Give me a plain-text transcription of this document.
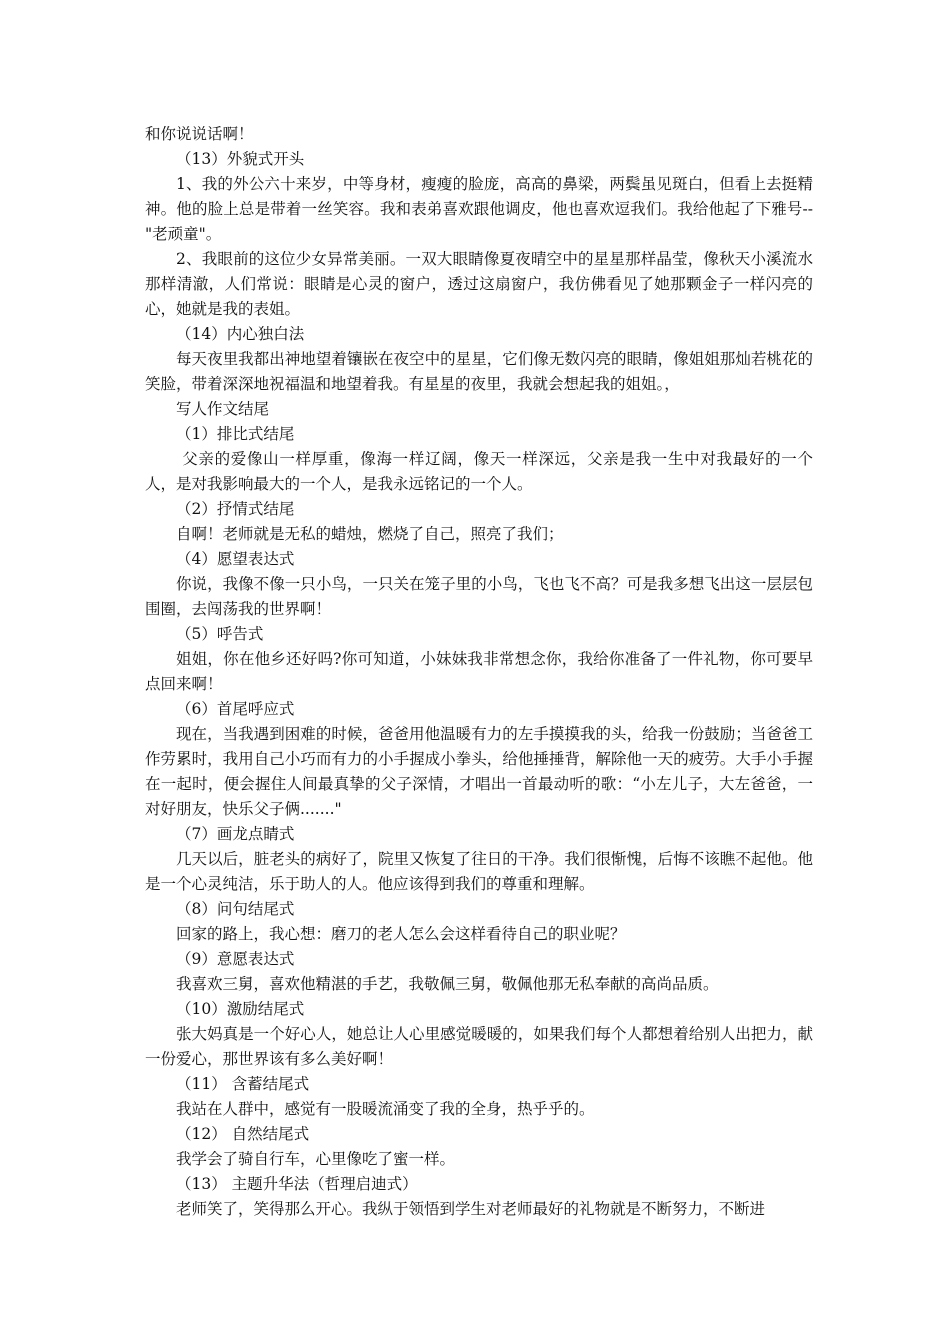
和你说说话啊！

（13）外貌式开头

1、我的外公六十来岁，中等身材，瘦瘦的脸庞，高高的鼻梁，两鬓虽见斑白，但看上去挺精神。他的脸上总是带着一丝笑容。我和表弟喜欢跟他调皮，他也喜欢逗我们。我给他起了下雅号--"老顽童"。

2、我眼前的这位少女异常美丽。一双大眼睛像夏夜晴空中的星星那样晶莹，像秋天小溪流水那样清澈，人们常说：眼睛是心灵的窗户，透过这扇窗户，我仿佛看见了她那颗金子一样闪亮的心，她就是我的表姐。

（14）内心独白法

每天夜里我都出神地望着镶嵌在夜空中的星星，它们像无数闪亮的眼睛，像姐姐那灿若桃花的笑脸，带着深深地祝福温和地望着我。有星星的夜里，我就会想起我的姐姐。，

写人作文结尾

（1）排比式结尾

父亲的爱像山一样厚重，像海一样辽阔，像天一样深远，父亲是我一生中对我最好的一个人，是对我影响最大的一个人，是我永远铭记的一个人。

（2）抒情式结尾

自啊！老师就是无私的蜡烛，燃烧了自己，照亮了我们；

（4）愿望表达式

你说，我像不像一只小鸟，一只关在笼子里的小鸟，飞也飞不高？可是我多想飞出这一层层包围圈，去闯荡我的世界啊！

（5）呼告式

姐姐，你在他乡还好吗?你可知道，小妹妹我非常想念你，我给你准备了一件礼物，你可要早点回来啊！

（6）首尾呼应式

现在，当我遇到困难的时候，爸爸用他温暖有力的左手摸摸我的头，给我一份鼓励；当爸爸工作劳累时，我用自己小巧而有力的小手握成小拳头，给他捶捶背，解除他一天的疲劳。大手小手握在一起时，便会握住人间最真挚的父子深情，才唱出一首最动听的歌：“小左儿子，大左爸爸，一对好朋友，快乐父子俩......."

（7）画龙点睛式

几天以后，脏老头的病好了，院里又恢复了往日的干净。我们很惭愧，后悔不该瞧不起他。他是一个心灵纯洁，乐于助人的人。他应该得到我们的尊重和理解。

（8）问句结尾式

回家的路上，我心想：磨刀的老人怎么会这样看待自己的职业呢？

（9）意愿表达式

我喜欢三舅，喜欢他精湛的手艺，我敬佩三舅，敬佩他那无私奉献的高尚品质。

（10）激励结尾式

张大妈真是一个好心人，她总让人心里感觉暖暖的，如果我们每个人都想着给别人出把力，献一份爱心，那世界该有多么美好啊！

（11） 含蓄结尾式

我站在人群中，感觉有一股暖流涌变了我的全身，热乎乎的。

（12） 自然结尾式

我学会了骑自行车，心里像吃了蜜一样。

（13） 主题升华法（哲理启迪式）

老师笑了，笑得那么开心。我纵于领悟到学生对老师最好的礼物就是不断努力，不断进
